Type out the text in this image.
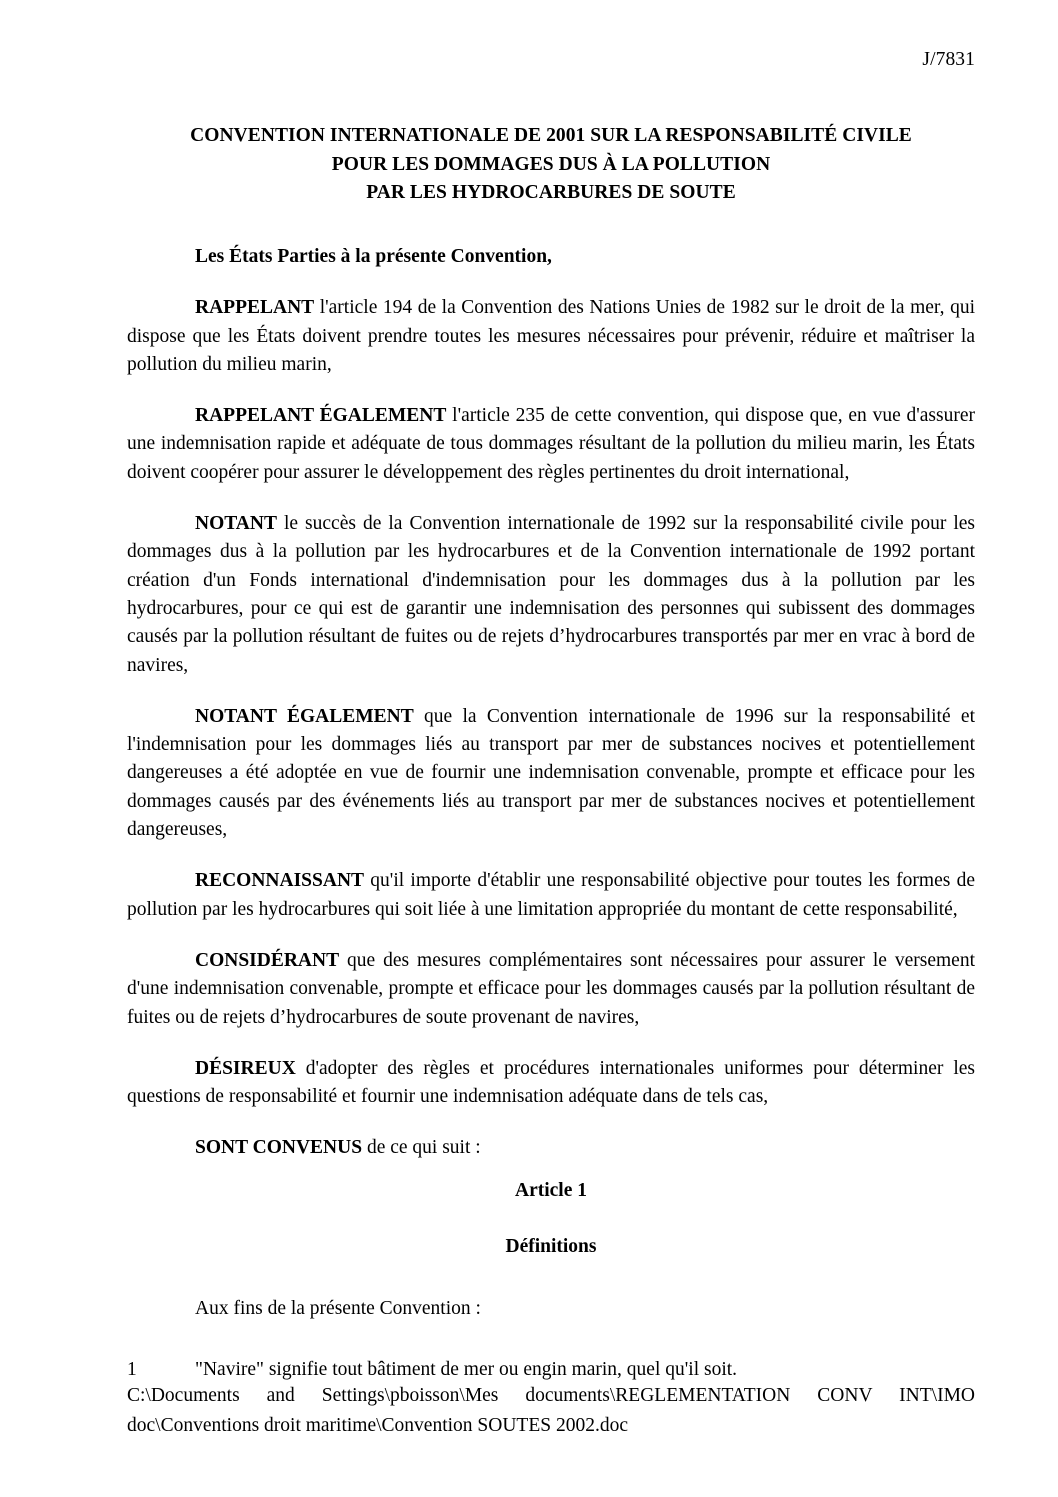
J/7831
CONVENTION INTERNATIONALE DE 2001 SUR LA RESPONSABILITÉ CIVILE
POUR LES DOMMAGES DUS À LA POLLUTION
PAR LES HYDROCARBURES DE SOUTE

Les États Parties à la présente Convention,

RAPPELANT l'article 194 de la Convention des Nations Unies de 1982 sur le droit de la mer, qui dispose que les États doivent prendre toutes les mesures nécessaires pour prévenir, réduire et maîtriser la pollution du milieu marin,

RAPPELANT ÉGALEMENT l'article 235 de cette convention, qui dispose que, en vue d'assurer une indemnisation rapide et adéquate de tous dommages résultant de la pollution du milieu marin, les États doivent coopérer pour assurer le développement des règles pertinentes du droit international,

NOTANT le succès de la Convention internationale de 1992 sur la responsabilité civile pour les dommages dus à la pollution par les hydrocarbures et de la Convention internationale de 1992 portant création d'un Fonds international d'indemnisation pour les dommages dus à la pollution par les hydrocarbures, pour ce qui est de garantir une indemnisation des personnes qui subissent des dommages causés par la pollution résultant de fuites ou de rejets d’hydrocarbures transportés par mer en vrac à bord de navires,

NOTANT ÉGALEMENT que la Convention internationale de 1996 sur la responsabilité et l'indemnisation pour les dommages liés au transport par mer de substances nocives et potentiellement dangereuses a été adoptée en vue de fournir une indemnisation convenable, prompte et efficace pour les dommages causés par des événements liés au transport par mer de substances nocives et potentiellement dangereuses,

RECONNAISSANT qu'il importe d'établir une responsabilité objective pour toutes les formes de pollution par les hydrocarbures qui soit liée à une limitation appropriée du montant de cette responsabilité,

CONSIDÉRANT que des mesures complémentaires sont nécessaires pour assurer le versement d'une indemnisation convenable, prompte et efficace pour les dommages causés par la pollution résultant de fuites ou de rejets d’hydrocarbures de soute provenant de navires,

DÉSIREUX d'adopter des règles et procédures internationales uniformes pour déterminer les questions de responsabilité et fournir une indemnisation adéquate dans de tels cas,

SONT CONVENUS de ce qui suit :

Article 1

Définitions

Aux fins de la présente Convention :

1	"Navire" signifie tout bâtiment de mer ou engin marin, quel qu'il soit.
C:\Documents and Settings\pboisson\Mes documents\REGLEMENTATION CONV INT\IMO
doc\Conventions droit maritime\Convention SOUTES 2002.doc
